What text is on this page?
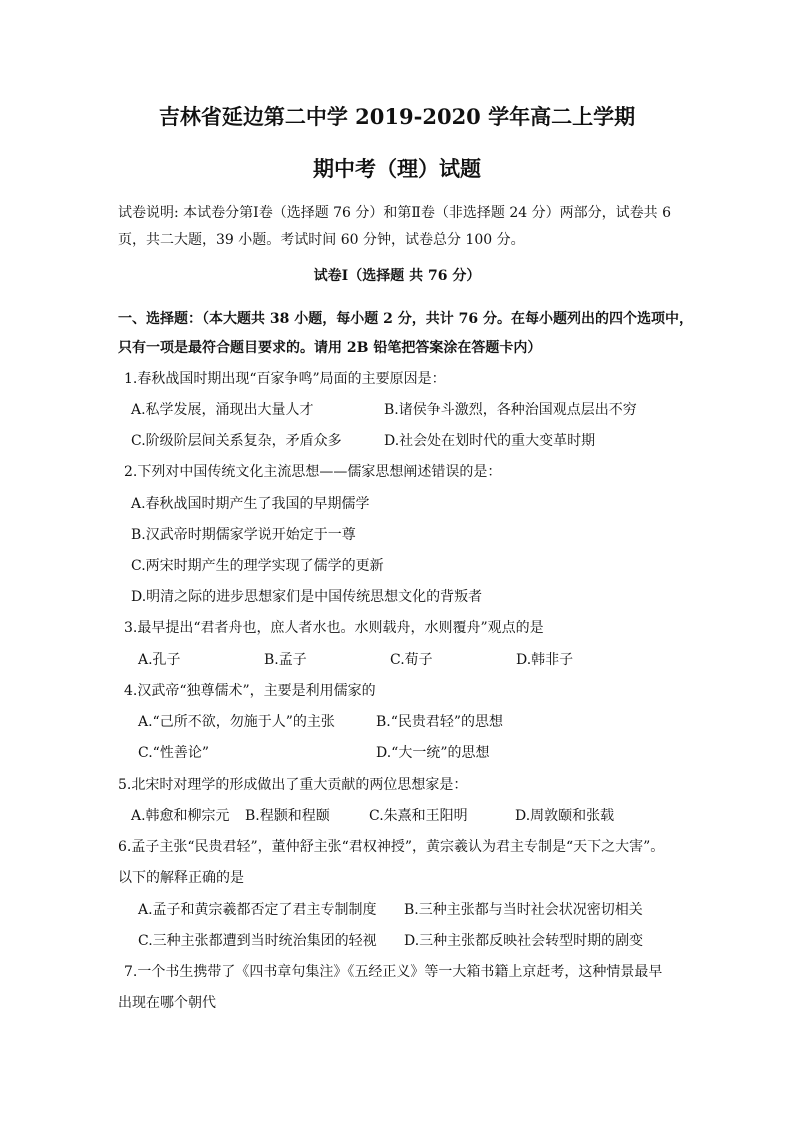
吉林省延边第二中学 2019-2020 学年高二上学期
期中考（理）试题
试卷说明: 本试卷分第Ⅰ卷（选择题 76 分）和第Ⅱ卷（非选择题 24 分）两部分，试卷共 6
页，共二大题，39 小题。考试时间 60 分钟，试卷总分 100 分。
试卷Ⅰ（选择题 共 76 分）
一、选择题：（本大题共 38 小题，每小题 2 分，共计 76 分。在每小题列出的四个选项中，
只有一项是最符合题目要求的。请用 2B 铅笔把答案涂在答题卡内）
1.春秋战国时期出现“百家争鸣”局面的主要原因是：
A.私学发展，涌现出大量人才	B.诸侯争斗激烈，各种治国观点层出不穷
C.阶级阶层间关系复杂，矛盾众多	D.社会处在划时代的重大变革时期
2.下列对中国传统文化主流思想——儒家思想阐述错误的是：
A.春秋战国时期产生了我国的早期儒学
B.汉武帝时期儒家学说开始定于一尊
C.两宋时期产生的理学实现了儒学的更新
D.明清之际的进步思想家们是中国传统思想文化的背叛者
3.最早提出“君者舟也，庶人者水也。水则载舟，水则覆舟”观点的是
A.孔子	B.孟子	C.荀子	D.韩非子
4.汉武帝“独尊儒术”，主要是利用儒家的
A.“己所不欲，勿施于人”的主张	B.“民贵君轻”的思想
C.“性善论”	D.“大一统”的思想
5.北宋时对理学的形成做出了重大贡献的两位思想家是：
A.韩愈和柳宗元 B.程颢和程颐	C.朱熹和王阳明	D.周敦颐和张载
6.孟子主张“民贵君轻”，董仲舒主张“君权神授”，黄宗羲认为君主专制是“天下之大害”。
以下的解释正确的是
A.孟子和黄宗羲都否定了君主专制制度 B.三种主张都与当时社会状况密切相关
C.三种主张都遭到当时统治集团的轻视 D.三种主张都反映社会转型时期的剧变
7.一个书生携带了《四书章句集注》《五经正义》等一大箱书籍上京赶考，这种情景最早
出现在哪个朝代
